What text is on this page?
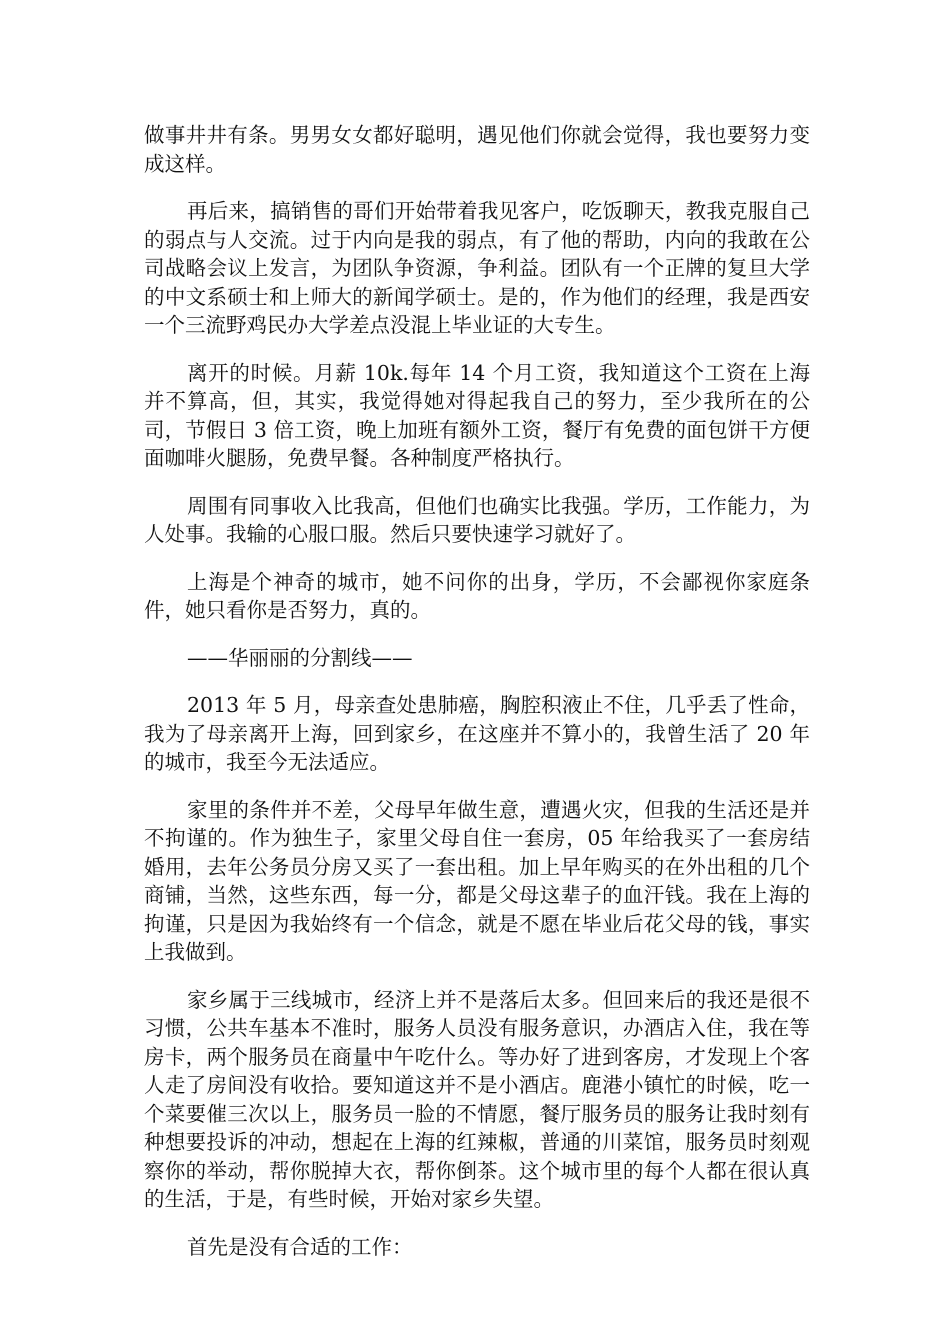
做事井井有条。男男女女都好聪明，遇见他们你就会觉得，我也要努力变成这样。

再后来，搞销售的哥们开始带着我见客户，吃饭聊天，教我克服自己的弱点与人交流。过于内向是我的弱点，有了他的帮助，内向的我敢在公司战略会议上发言，为团队争资源，争利益。团队有一个正牌的复旦大学的中文系硕士和上师大的新闻学硕士。是的，作为他们的经理，我是西安一个三流野鸡民办大学差点没混上毕业证的大专生。

离开的时候。月薪 10k.每年 14 个月工资，我知道这个工资在上海并不算高，但，其实，我觉得她对得起我自己的努力，至少我所在的公司，节假日 3 倍工资，晚上加班有额外工资，餐厅有免费的面包饼干方便面咖啡火腿肠，免费早餐。各种制度严格执行。

周围有同事收入比我高，但他们也确实比我强。学历，工作能力，为人处事。我输的心服口服。然后只要快速学习就好了。

上海是个神奇的城市，她不问你的出身，学历，不会鄙视你家庭条件，她只看你是否努力，真的。

——华丽丽的分割线——

2013 年 5 月，母亲查处患肺癌，胸腔积液止不住，几乎丢了性命，我为了母亲离开上海，回到家乡，在这座并不算小的，我曾生活了 20 年的城市，我至今无法适应。

家里的条件并不差，父母早年做生意，遭遇火灾，但我的生活还是并不拘谨的。作为独生子，家里父母自住一套房，05 年给我买了一套房结婚用，去年公务员分房又买了一套出租。加上早年购买的在外出租的几个商铺，当然，这些东西，每一分，都是父母这辈子的血汗钱。我在上海的拘谨，只是因为我始终有一个信念，就是不愿在毕业后花父母的钱，事实上我做到。

家乡属于三线城市，经济上并不是落后太多。但回来后的我还是很不习惯，公共车基本不准时，服务人员没有服务意识，办酒店入住，我在等房卡，两个服务员在商量中午吃什么。等办好了进到客房，才发现上个客人走了房间没有收拾。要知道这并不是小酒店。鹿港小镇忙的时候，吃一个菜要催三次以上，服务员一脸的不情愿，餐厅服务员的服务让我时刻有种想要投诉的冲动，想起在上海的红辣椒，普通的川菜馆，服务员时刻观察你的举动，帮你脱掉大衣，帮你倒茶。这个城市里的每个人都在很认真的生活，于是，有些时候，开始对家乡失望。

首先是没有合适的工作：
